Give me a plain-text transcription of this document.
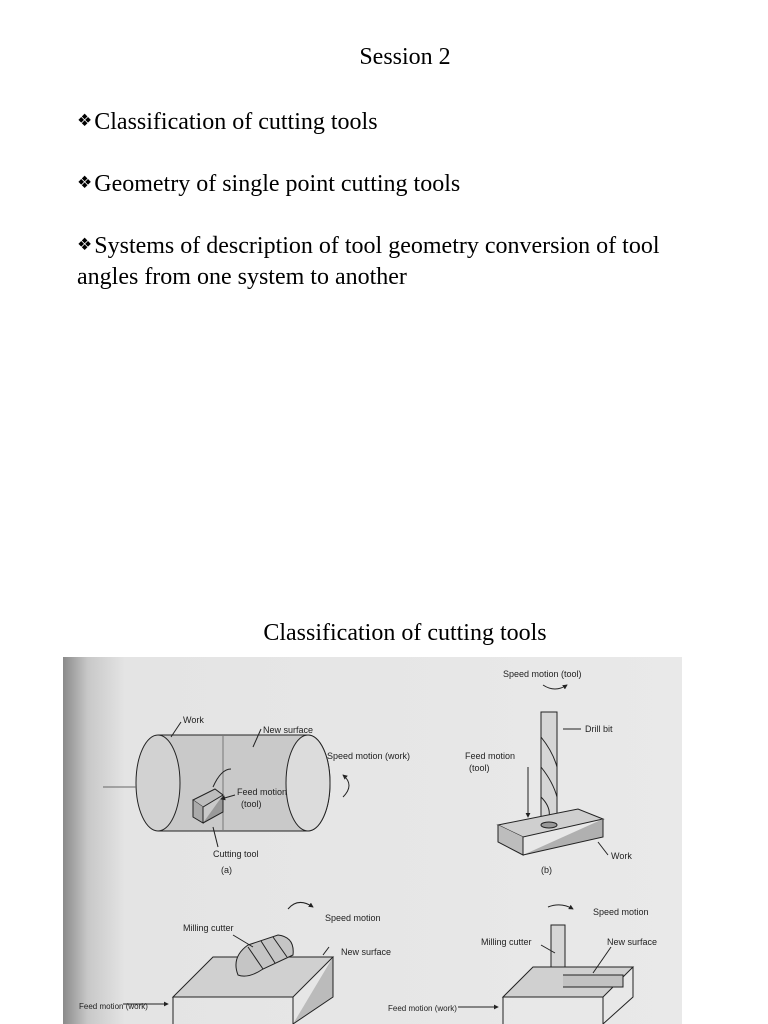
Session 2
❖Classification of cutting tools
❖Geometry of single point cutting tools
❖Systems of description of tool geometry conversion of tool angles from one system to another
Classification of cutting tools
Work
New surface
Speed motion (work)
Feed motion
(tool)
Cutting tool
(a)
Speed motion (tool)
Drill bit
Feed motion
(tool)
Work
(b)
Milling cutter
Speed motion
New surface
Feed motion (work)
Speed motion
Milling cutter	New surface
Feed motion (work)
